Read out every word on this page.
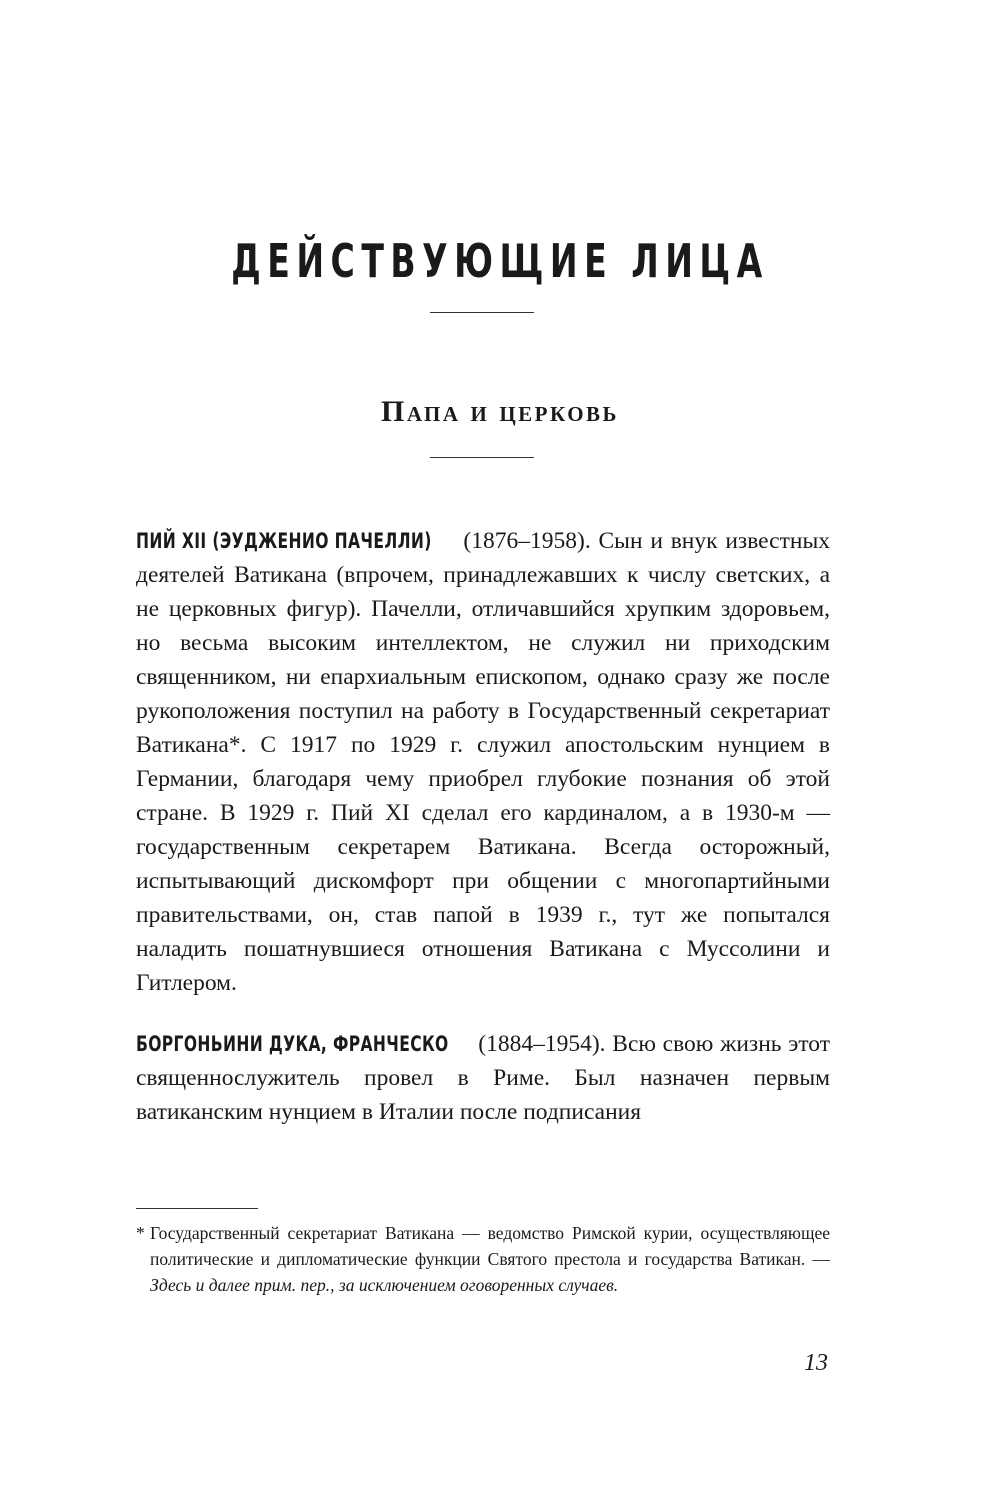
ДЕЙСТВУЮЩИЕ ЛИЦА
Папа и церковь

ПИЙ XII (ЭУДЖЕНИО ПАЧЕЛЛИ) (1876–1958). Сын и внук известных деятелей Ватикана (впрочем, принадлежавших к числу светских, а не церковных фигур). Пачелли, отличавшийся хрупким здоровьем, но весьма высоким интеллектом, не служил ни приходским священником, ни епархиальным епископом, однако сразу же после рукоположения поступил на работу в Государственный секретариат Ватикана*. С 1917 по 1929 г. служил апостольским нунцием в Германии, благодаря чему приобрел глубокие познания об этой стране. В 1929 г. Пий XI сделал его кардиналом, а в 1930-м — государственным секретарем Ватикана. Всегда осторожный, испытывающий дискомфорт при общении с многопартийными правительствами, он, став папой в 1939 г., тут же попытался наладить пошатнувшиеся отношения Ватикана с Муссолини и Гитлером.

БОРГОНЬИНИ ДУКА, ФРАНЧЕСКО (1884–1954). Всю свою жизнь этот священнослужитель провел в Риме. Был назначен первым ватиканским нунцием в Италии после подписания

* Государственный секретариат Ватикана — ведомство Римской курии, осуществляющее политические и дипломатические функции Святого престола и государства Ватикан. — Здесь и далее прим. пер., за исключением оговоренных случаев.

13
